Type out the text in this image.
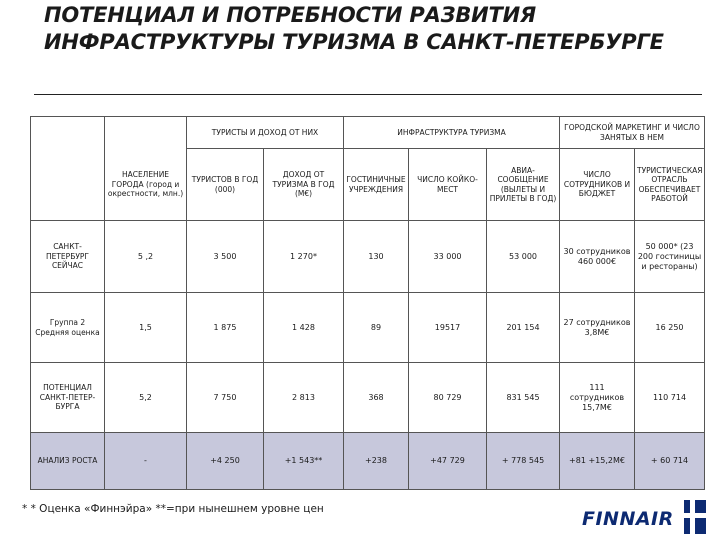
ПОТЕНЦИАЛ И ПОТРЕБНОСТИ РАЗВИТИЯ ИНФРАСТРУКТУРЫ ТУРИЗМА В САНКТ-ПЕТЕРБУРГЕ
		ТУРИСТЫ И ДОХОД ОТ НИХ		ИНФРАСТРУКТУРА ТУРИЗМА			ГОРОДСКОЙ МАРКЕТИНГ И ЧИСЛО ЗАНЯТЫХ В НЕМ	
	НАСЕЛЕНИЕ ГОРОДА (город и окрестности, млн.)	ТУРИСТОВ В ГОД (000)	ДОХОД ОТ ТУРИЗМА В ГОД (М€)	ГОСТИНИЧНЫЕ УЧРЕЖДЕНИЯ	ЧИСЛО КОЙКО-МЕСТ	АВИА-СООБЩЕНИЕ (ВЫЛЕТЫ И ПРИЛЕТЫ В ГОД)	ЧИСЛО СОТРУДНИКОВ И БЮДЖЕТ	ТУРИСТИЧЕСКАЯ ОТРАСЛЬ ОБЕСПЕЧИВАЕТ РАБОТОЙ
САНКТ-ПЕТЕРБУРГ СЕЙЧАС	5 ,2	3 500	1 270*	130	33 000	53 000	30 сотрудников 460 000€	50 000* (23 200 гостиницы и рестораны)
Группа 2 Средняя оценка	1,5	1 875	1 428	89	19517	201 154	27 сотрудников 3,8М€	16 250
ПОТЕНЦИАЛ САНКТ-ПЕТЕР-БУРГА	5,2	7 750	2 813	368	80 729	831 545	111 сотрудников 15,7М€	110 714
АНАЛИЗ РОСТА	-	+4 250	+1 543**	+238	+47 729	+ 778 545	+81 +15,2М€	+ 60 714
* * Оценка «Финнэйра» **=при нынешнем уровне цен	FINNAIR
